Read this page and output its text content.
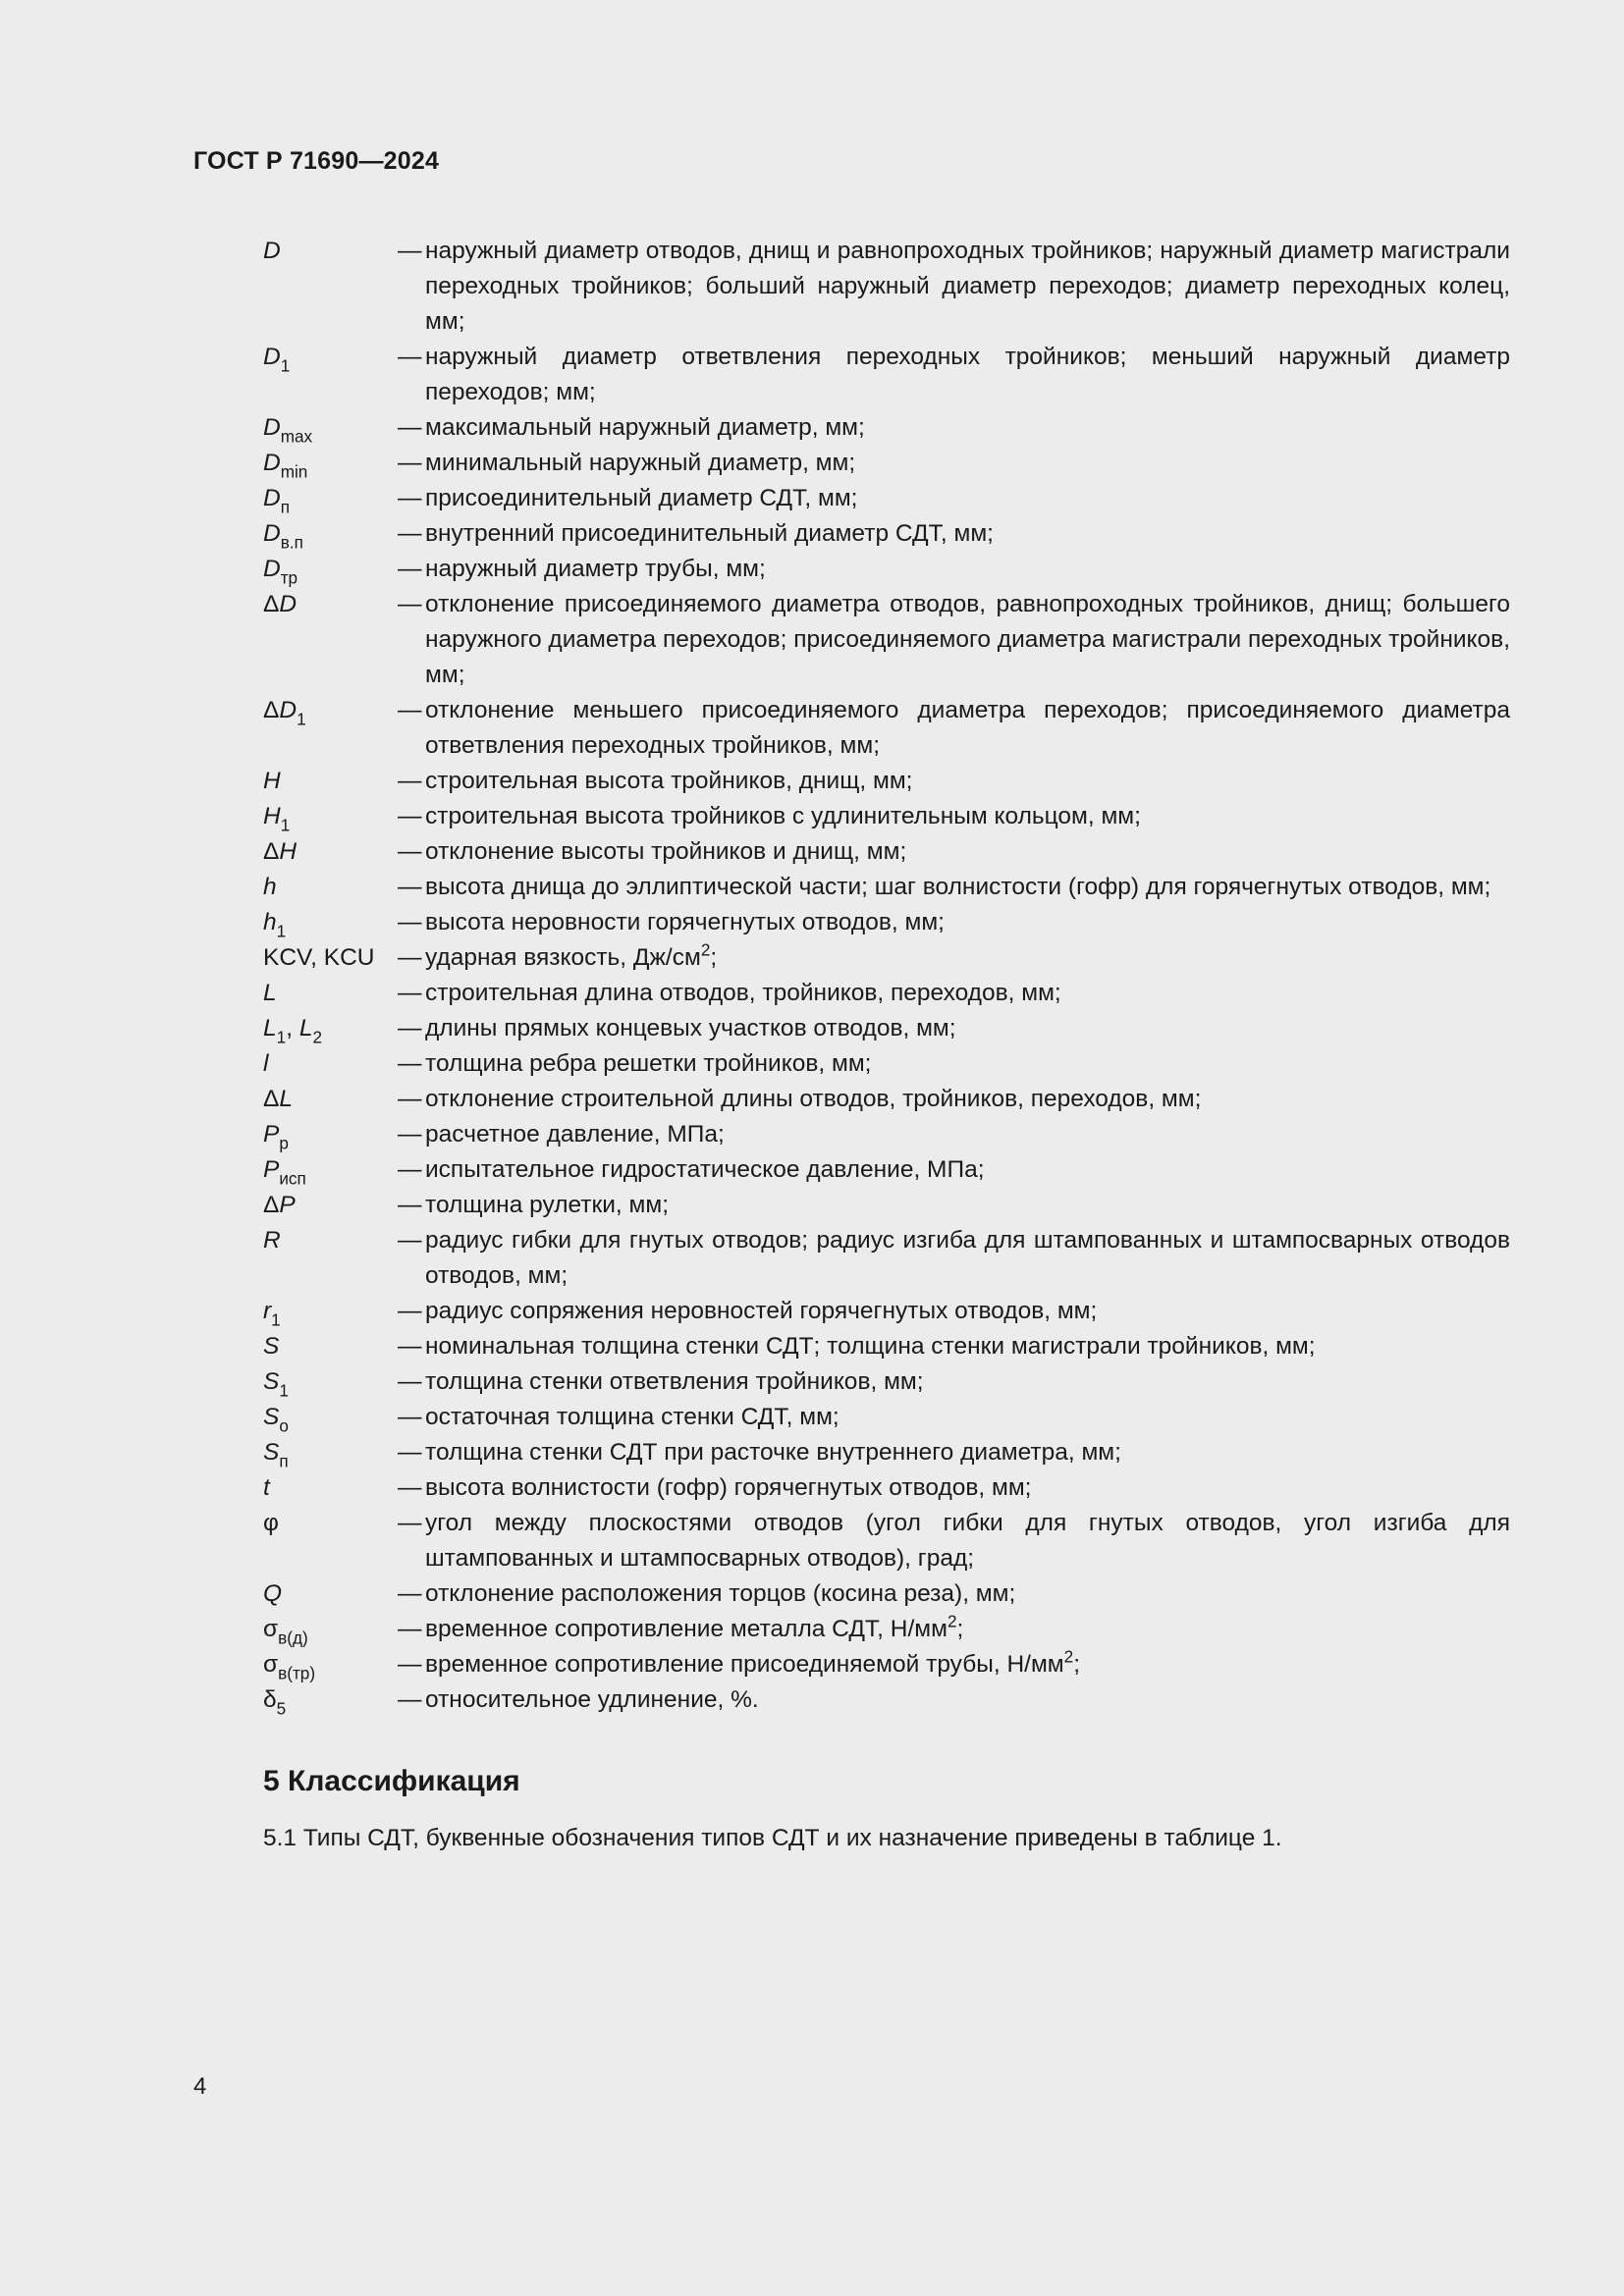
ГОСТ Р 71690—2024
D	— наружный диаметр отводов, днищ и равнопроходных тройников; наружный диаметр магистрали переходных тройников; больший наружный диаметр переходов; диаметр переходных колец, мм;
$D_1$	— наружный диаметр ответвления переходных тройников; меньший наружный диаметр переходов; мм;
$D_{max}$	— максимальный наружный диаметр, мм;
$D_{min}$	— минимальный наружный диаметр, мм;
$D_п$	— присоединительный диаметр СДТ, мм;
$D_{в.п}$	— внутренний присоединительный диаметр СДТ, мм;
$D_{тр}$	— наружный диаметр трубы, мм;
ΔD	— отклонение присоединяемого диаметра отводов, равнопроходных тройников, днищ; большего наружного диаметра переходов; присоединяемого диаметра магистрали переходных тройников, мм;
$\Delta D_1$	— отклонение меньшего присоединяемого диаметра переходов; присоединяемого диаметра ответвления переходных тройников, мм;
H	— строительная высота тройников, днищ, мм;
$H_1$	— строительная высота тройников с удлинительным кольцом, мм;
ΔH	— отклонение высоты тройников и днищ, мм;
h	— высота днища до эллиптической части; шаг волнистости (гофр) для горячегнутых отводов, мм;
$h_1$	— высота неровности горячегнутых отводов, мм;
KCV, KCU — ударная вязкость, $Дж/см^2$;
L	— строительная длина отводов, тройников, переходов, мм;
$L_1$, $L_2$	— длины прямых концевых участков отводов, мм;
l	— толщина ребра решетки тройников, мм;
ΔL	— отклонение строительной длины отводов, тройников, переходов, мм;
$P_р$	— расчетное давление, МПа;
$P_{исп}$	— испытательное гидростатическое давление, МПа;
ΔP	— толщина рулетки, мм;
R	— радиус гибки для гнутых отводов; радиус изгиба для штампованных и штампосварных отводов отводов, мм;
$r_1$	— радиус сопряжения неровностей горячегнутых отводов, мм;
S	— номинальная толщина стенки СДТ; толщина стенки магистрали тройников, мм;
$S_1$	— толщина стенки ответвления тройников, мм;
$S_о$	— остаточная толщина стенки СДТ, мм;
$S_п$	— толщина стенки СДТ при расточке внутреннего диаметра, мм;
t	— высота волнистости (гофр) горячегнутых отводов, мм;
φ	— угол между плоскостями отводов (угол гибки для гнутых отводов, угол изгиба для штампованных и штампосварных отводов), град;
Q	— отклонение расположения торцов (косина реза), мм;
$\sigma_{в(д)}$	— временное сопротивление металла СДТ, $Н/мм^2$;
$\sigma_{в(тр)}$	— временное сопротивление присоединяемой трубы, $Н/мм^2$;
$\delta_5$	— относительное удлинение, %.
5 Классификация
5.1 Типы СДТ, буквенные обозначения типов СДТ и их назначение приведены в таблице 1.
4
